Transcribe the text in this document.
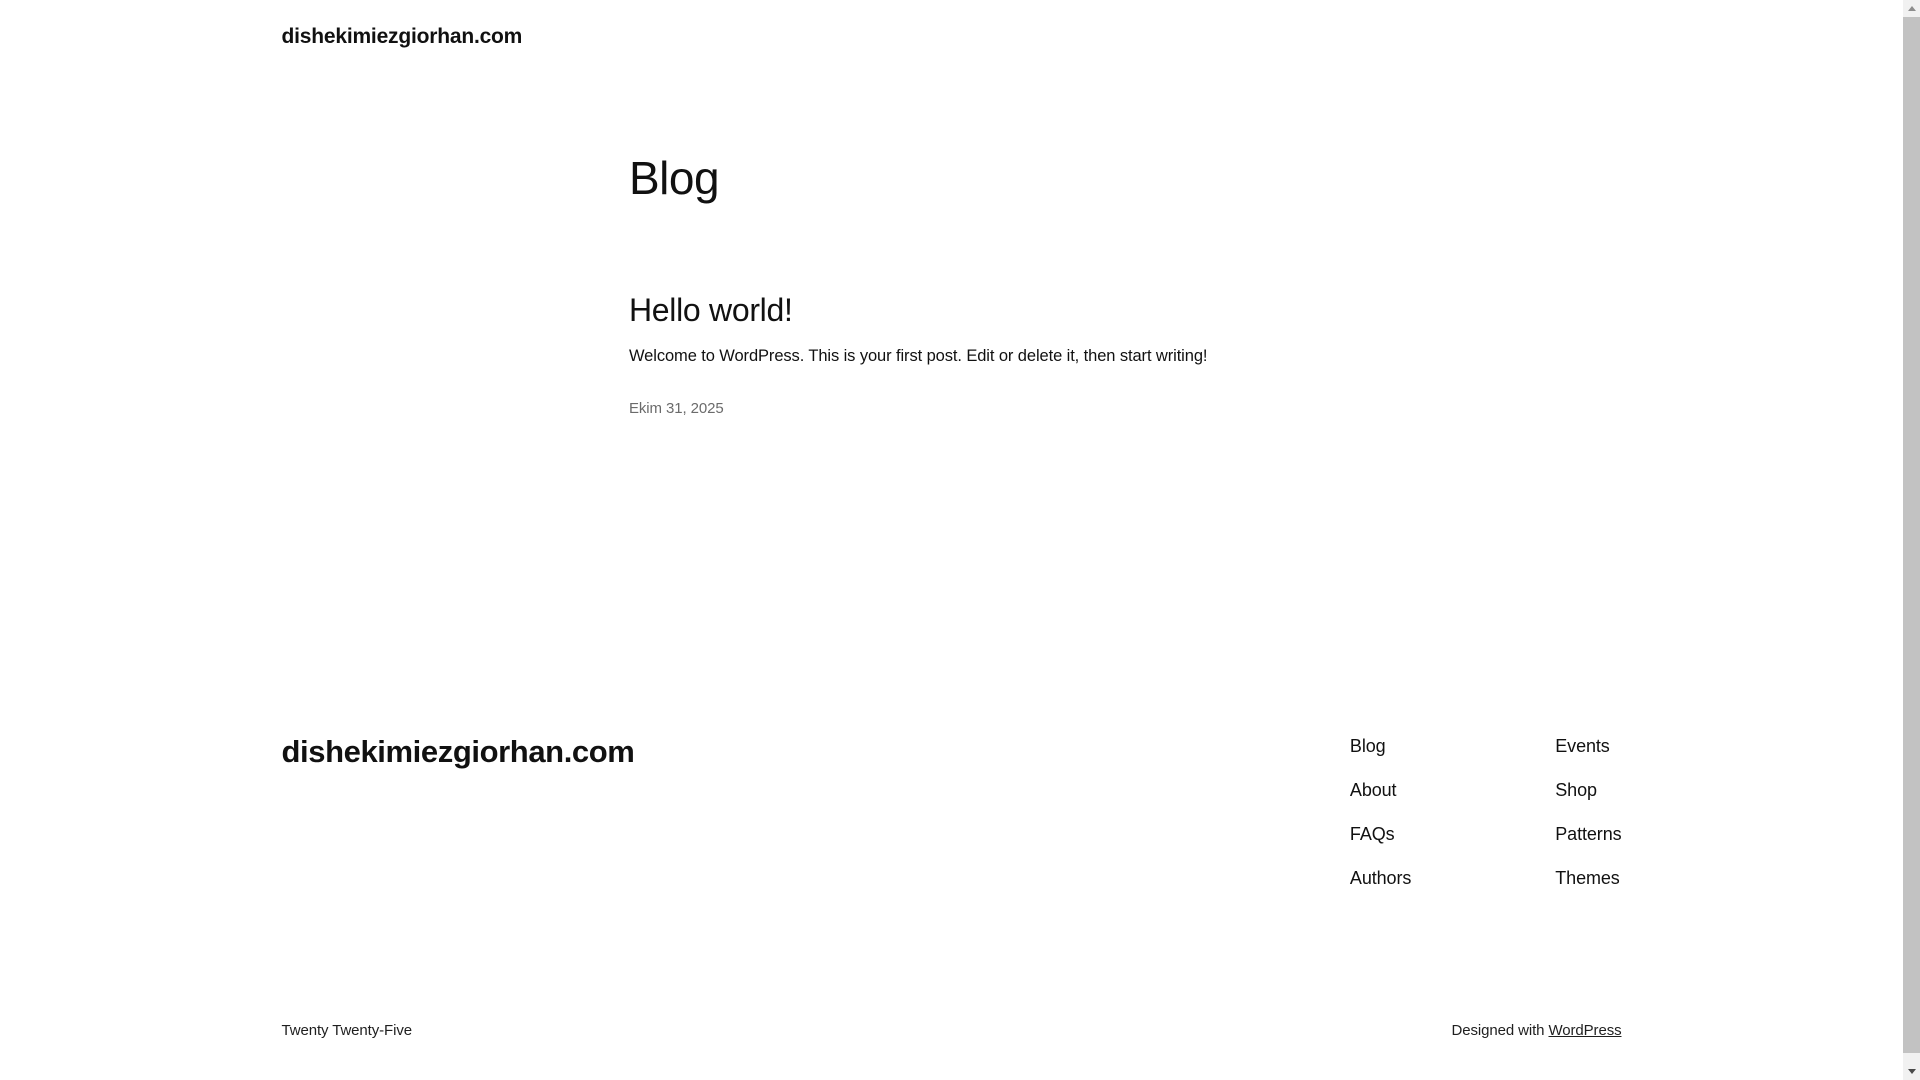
dishekimiezgiorhan.com
Blog
Hello world!

Welcome to WordPress. This is your first post. Edit or delete it, then start writing!

Ekim 31, 2025
dishekimiezgiorhan.com	Blog
About
FAQs
Authors
Events
Shop
Patterns
Themes
Twenty Twenty-Five	Designed with WordPress
